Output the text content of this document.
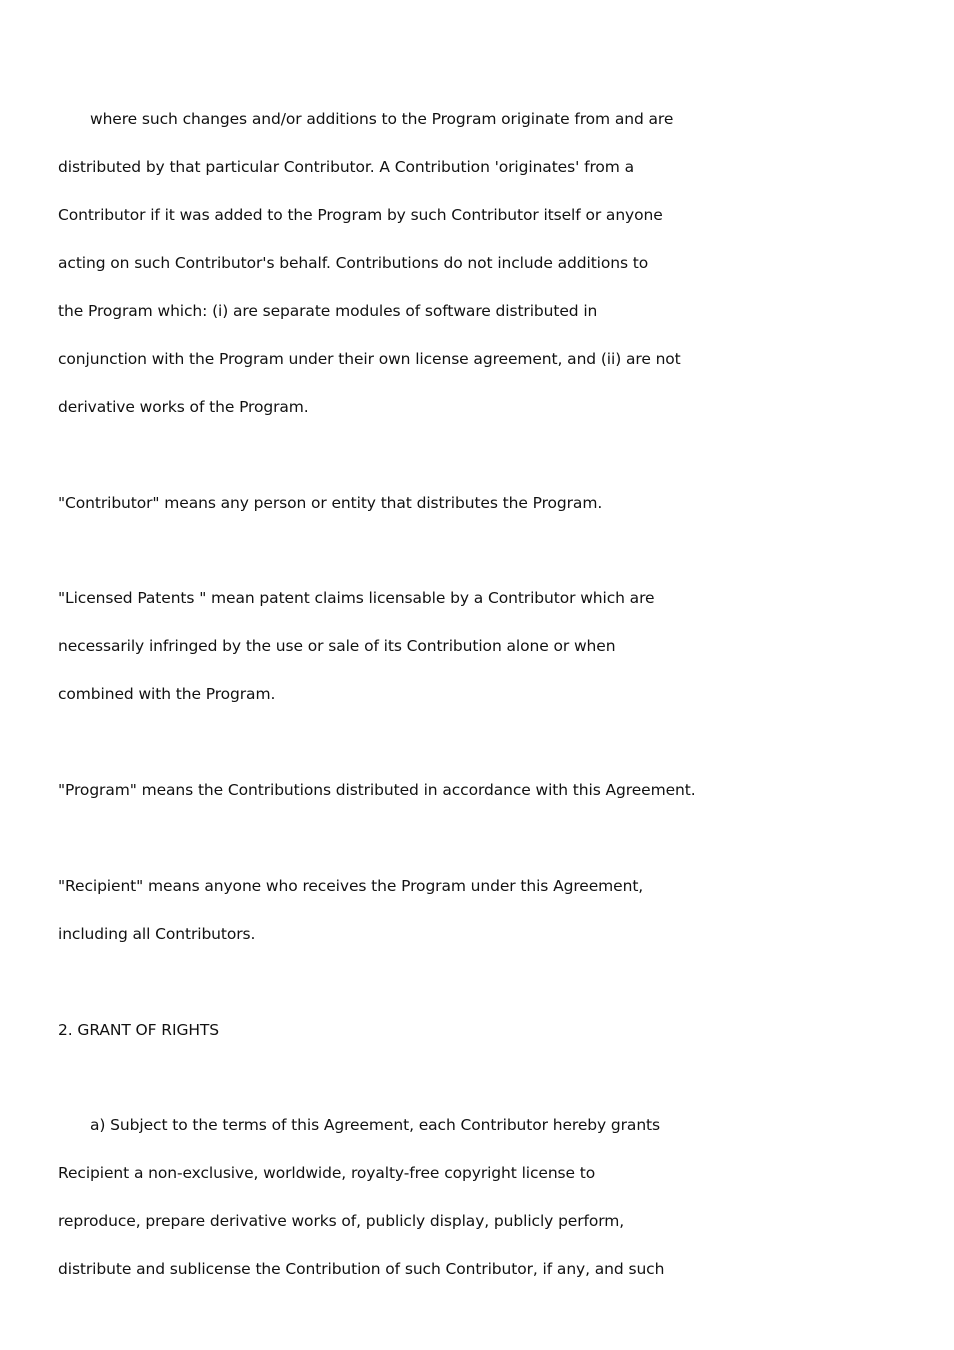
where such changes and/or additions to the Program originate from and are
distributed by that particular Contributor. A Contribution 'originates' from a
Contributor if it was added to the Program by such Contributor itself or anyone
acting on such Contributor's behalf. Contributions do not include additions to
the Program which: (i) are separate modules of software distributed in
conjunction with the Program under their own license agreement, and (ii) are not
derivative works of the Program.
"Contributor" means any person or entity that distributes the Program.
"Licensed Patents " mean patent claims licensable by a Contributor which are
necessarily infringed by the use or sale of its Contribution alone or when
combined with the Program.
"Program" means the Contributions distributed in accordance with this Agreement.
"Recipient" means anyone who receives the Program under this Agreement,
including all Contributors.
2. GRANT OF RIGHTS
a) Subject to the terms of this Agreement, each Contributor hereby grants
Recipient a non-exclusive, worldwide, royalty-free copyright license to
reproduce, prepare derivative works of, publicly display, publicly perform,
distribute and sublicense the Contribution of such Contributor, if any, and such
